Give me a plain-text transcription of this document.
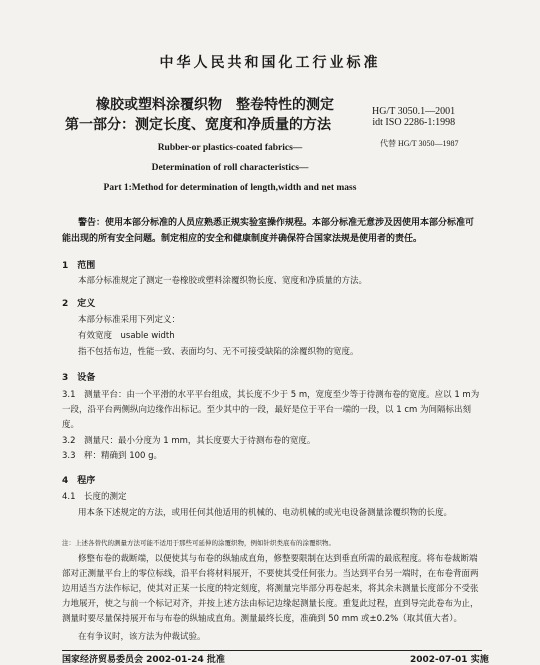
中华人民共和国化工行业标准
橡胶或塑料涂覆织物　整卷特性的测定
第一部分：测定长度、宽度和净质量的方法
HG/T 3050.1—2001
idt ISO 2286-1:1998
代替 HG/T 3050—1987
Rubber-or plastics-coated fabrics—
Determination of roll characteristics—
Part 1:Method for determination of length,width and net mass
警告：使用本部分标准的人员应熟悉正规实验室操作规程。本部分标准无意涉及因使用本部分标准可能出现的所有安全问题。制定相应的安全和健康制度并确保符合国家法规是使用者的责任。
1　范围
本部分标准规定了测定一卷橡胶或塑料涂覆织物长度、宽度和净质量的方法。
2　定义
本部分标准采用下列定义：
有效宽度　usable width
指不包括布边，性能一致、表面均匀、无不可接受缺陷的涂覆织物的宽度。
3　设备
3.1　测量平台：由一个平滑的水平平台组成，其长度不少于 5 m，宽度至少等于待测布卷的宽度。应以 1 m为一段，沿平台两侧纵向边缘作出标记。至少其中的一段，最好是位于平台一端的一段，以 1 cm 为间隔标出刻度。
3.2　测量尺：最小分度为 1 mm，其长度要大于待测布卷的宽度。
3.3　秤：精确到 100 g。
4　程序
4.1　长度的测定
用本条下述规定的方法，或用任何其他适用的机械的、电动机械的或光电设备测量涂覆织物的长度。
注：上述各替代的测量方法可能不适用于那些可延伸的涂覆织物，例如针织类底布的涂覆织物。
修整布卷的裁断端，以便使其与布卷的纵轴成直角，修整要限制在达到垂直所需的最底程度。将布卷裁断端部对正测量平台上的零位标线，沿平台将材料展开，不要使其受任何张力。当达到平台另一端时，在布卷背面两边用适当方法作标记，使其对正某一长度的特定刻度，将测量完毕部分再卷起来，将其余未测量长度部分不受张力地展开，使之与前一个标记对齐，并按上述方法由标记边缘起测量长度。重复此过程，直到导完此卷布为止，测量时要尽量保持展开布与布卷的纵轴成直角。测量最终长度，准确到 50 mm 或±0.2%（取其值大者）。
在有争议时，该方法为仲裁试验。
国家经济贸易委员会 2002-01-24 批准	2002-07-01 实施
